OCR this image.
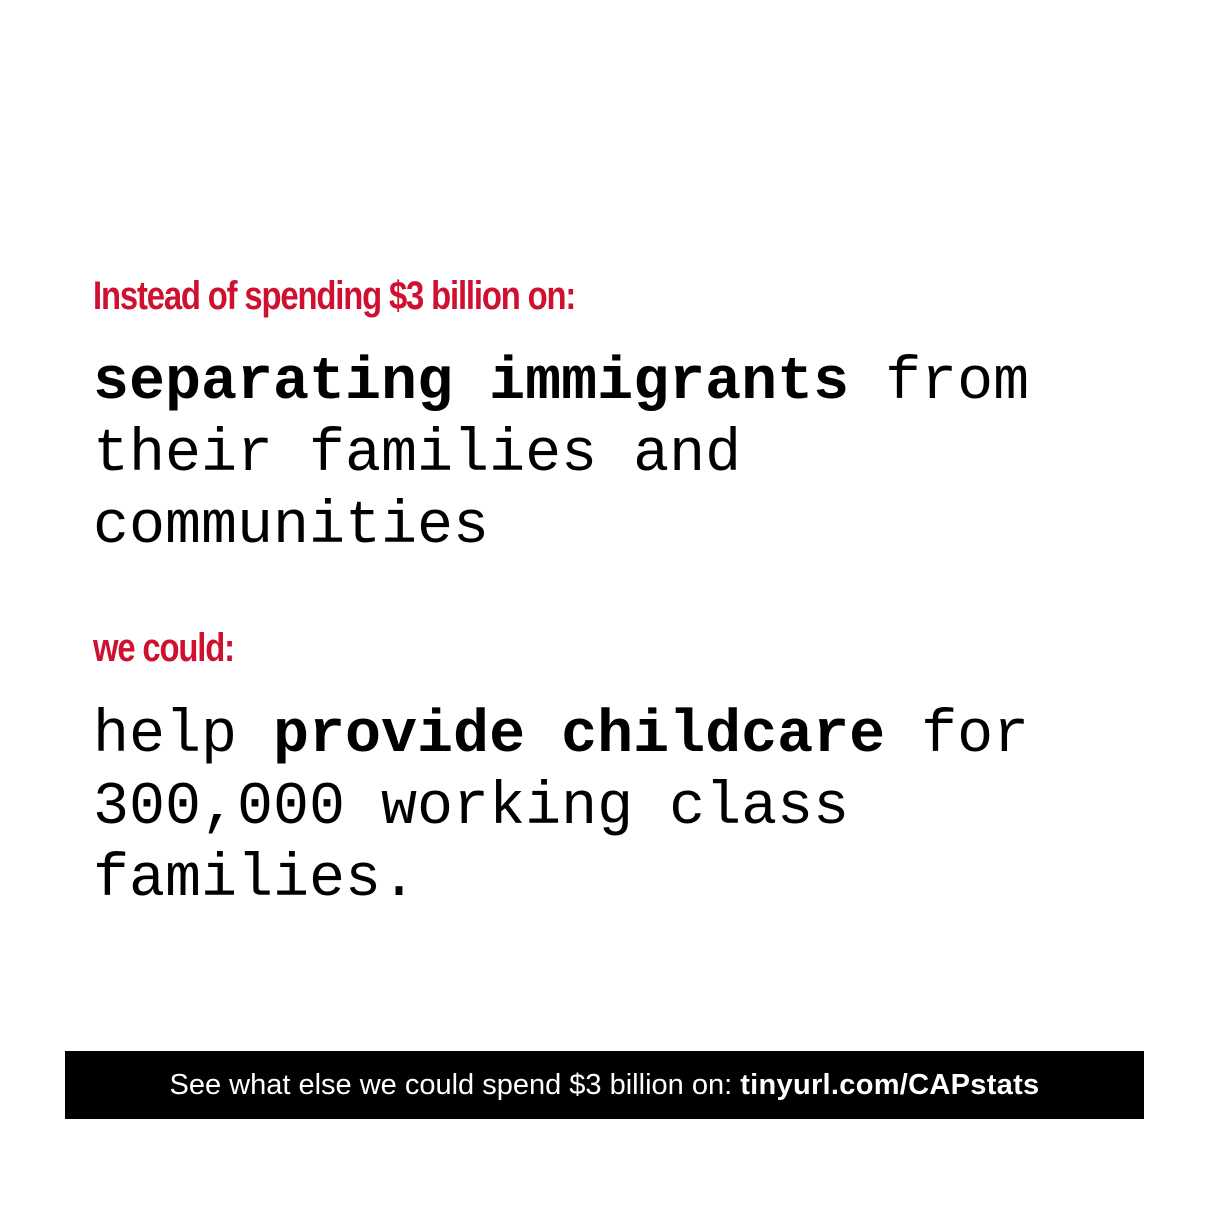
Instead of spending $3 billion on:

separating immigrants from their families and communities

we could:

help provide childcare for 300,000 working class families.

See what else we could spend $3 billion on: tinyurl.com/CAPstats
